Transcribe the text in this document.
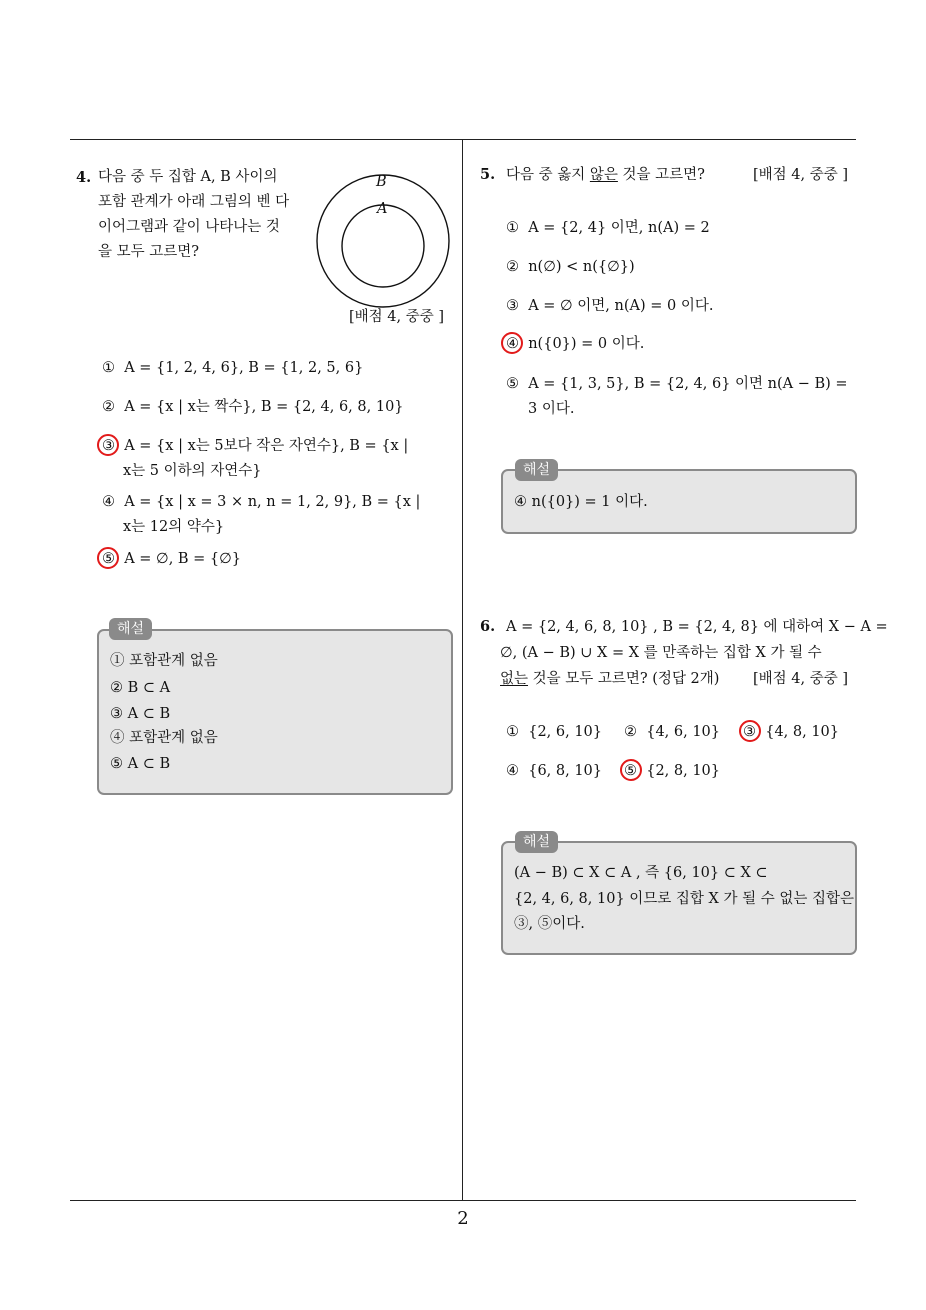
4. 다음 중 두 집합 A, B 사이의
포함 관계가 아래 그림의 벤 다
이어그램과 같이 나타나는 것
을 모두 고르면?
B
A
[배점 4, 중중 ]
① A = {1, 2, 4, 6}, B = {1, 2, 5, 6}
② A = {x | x는 짝수}, B = {2, 4, 6, 8, 10}
③ A = {x | x는 5보다 작은 자연수}, B = {x |
x는 5 이하의 자연수}
④ A = {x | x = 3 × n, n = 1, 2, 9}, B = {x |
x는 12의 약수}
⑤ A = ∅, B = {∅}
해설
① 포함관계 없음
② B ⊂ A
③ A ⊂ B
④ 포함관계 없음
⑤ A ⊂ B
5. 다음 중 옳지 않은 것을 고르면?	[배점 4, 중중 ]
① A = {2, 4} 이면, n(A) = 2
② n(∅) < n({∅})
③ A = ∅ 이면, n(A) = 0 이다.
④ n({0}) = 0 이다.
⑤ A = {1, 3, 5}, B = {2, 4, 6} 이면 n(A − B) =
3 이다.
해설
④ n({0}) = 1 이다.
6. A = {2, 4, 6, 8, 10} , B = {2, 4, 8} 에 대하여 X − A =
∅, (A − B) ∪ X = X 를 만족하는 집합 X 가 될 수
없는 것을 모두 고르면? (정답 2개) [배점 4, 중중 ]
① {2, 6, 10} ② {4, 6, 10} ③ {4, 8, 10}
④ {6, 8, 10} ⑤ {2, 8, 10}
해설
(A − B) ⊂ X ⊂ A , 즉 {6, 10} ⊂ X ⊂
{2, 4, 6, 8, 10} 이므로 집합 X 가 될 수 없는 집합은
③, ⑤이다.
2
